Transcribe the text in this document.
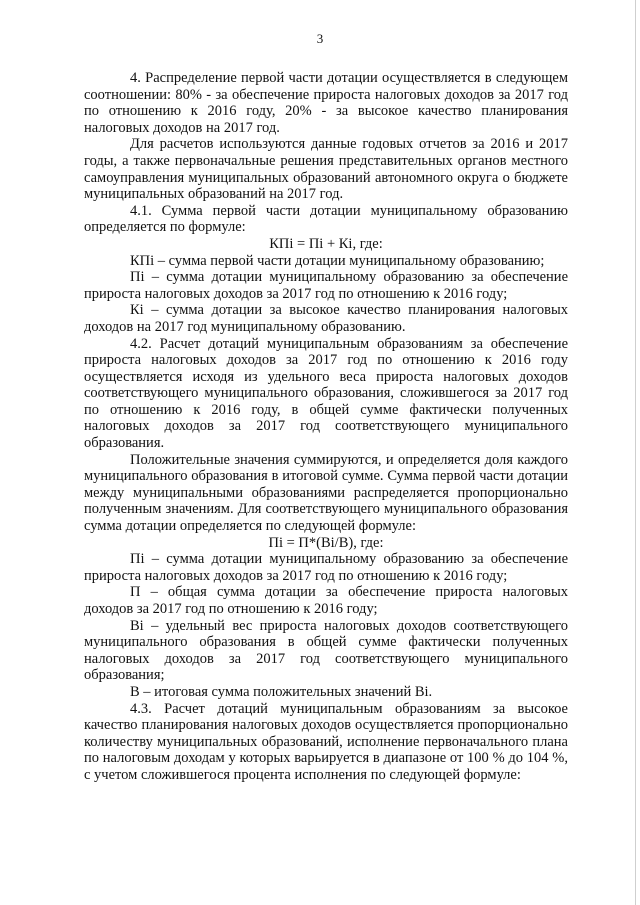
3

4. Распределение первой части дотации осуществляется в следующем соотношении: 80% - за обеспечение прироста налоговых доходов за 2017 год по отношению к 2016 году, 20% - за высокое качество планирования налоговых доходов на 2017 год.

Для расчетов используются данные годовых отчетов за 2016 и 2017 годы, а также первоначальные решения представительных органов местного самоуправления муниципальных образований автономного округа о бюджете муниципальных образований на 2017 год.

4.1. Сумма первой части дотации муниципальному образованию определяется по формуле:

КПi = Пi + Кi, где:

КПi – сумма первой части дотации муниципальному образованию;

Пi – сумма дотации муниципальному образованию за обеспечение прироста налоговых доходов за 2017 год по отношению к 2016 году;

Кi – сумма дотации за высокое качество планирования налоговых доходов на 2017 год муниципальному образованию.

4.2. Расчет дотаций муниципальным образованиям за обеспечение прироста налоговых доходов за 2017 год по отношению к 2016 году осуществляется исходя из удельного веса прироста налоговых доходов соответствующего муниципального образования, сложившегося за 2017 год по отношению к 2016 году, в общей сумме фактически полученных налоговых доходов за 2017 год соответствующего муниципального образования.

Положительные значения суммируются, и определяется доля каждого муниципального образования в итоговой сумме. Сумма первой части дотации между муниципальными образованиями распределяется пропорционально полученным значениям. Для соответствующего муниципального образования сумма дотации определяется по следующей формуле:

Пi = П*(Вi/В), где:

Пi – сумма дотации муниципальному образованию за обеспечение прироста налоговых доходов за 2017 год по отношению к 2016 году;

П – общая сумма дотации за обеспечение прироста налоговых доходов за 2017 год по отношению к 2016 году;

Вi – удельный вес прироста налоговых доходов соответствующего муниципального образования в общей сумме фактически полученных налоговых доходов за 2017 год соответствующего муниципального образования;

В – итоговая сумма положительных значений Вi.

4.3. Расчет дотаций муниципальным образованиям за высокое качество планирования налоговых доходов осуществляется пропорционально количеству муниципальных образований, исполнение первоначального плана по налоговым доходам у которых варьируется в диапазоне от 100 % до 104 %, с учетом сложившегося процента исполнения по следующей формуле:
